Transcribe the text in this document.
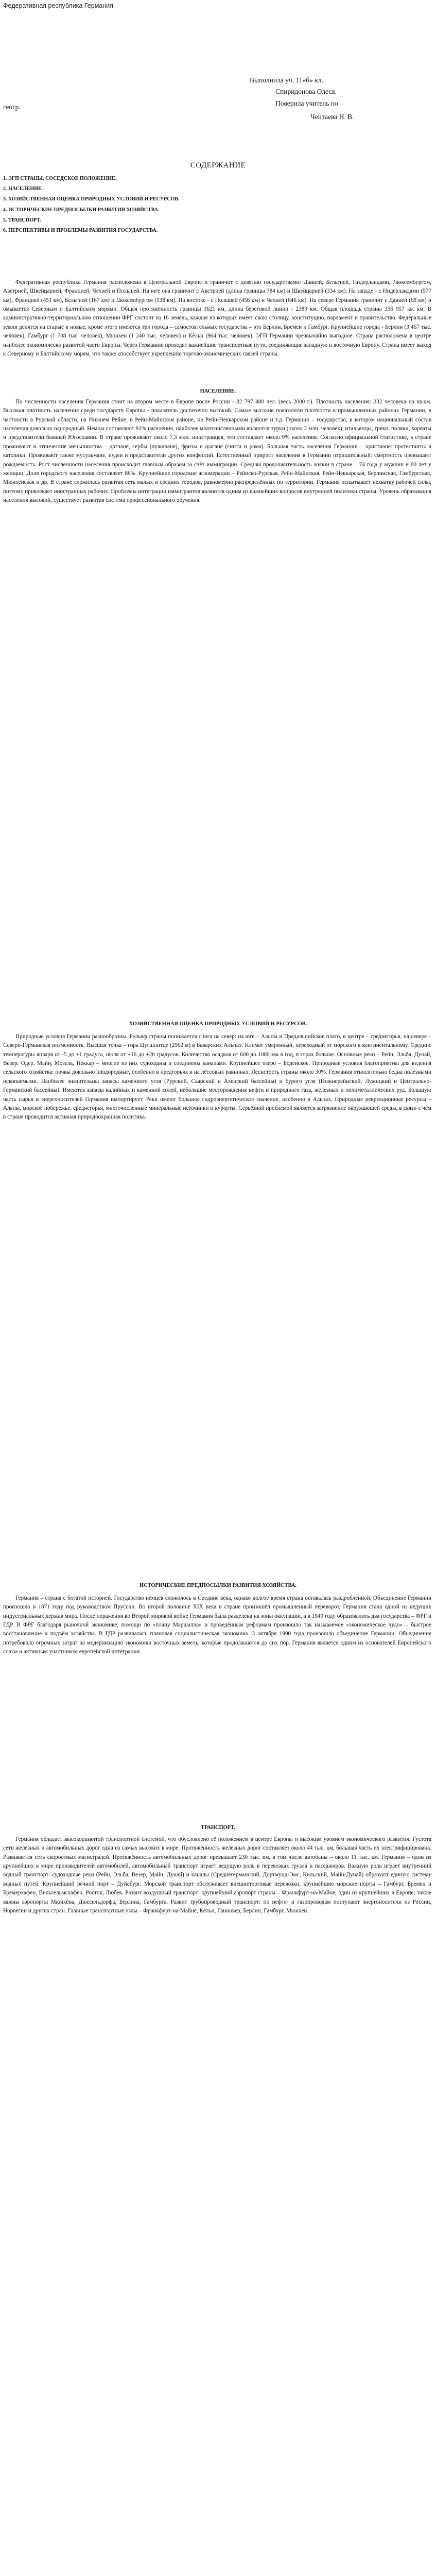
Федеративная республика Германия
Выполнила уч. 11«б» кл.
Спиридонова Олеся.
Поверила учитель по
геогр.
Чентаева Н. В.
СОДЕРЖАНИЕ
1. ЭГП СТРАНЫ, СОСЕДСКОЕ ПОЛОЖЕНИЕ.
2. НАСЕЛЕНИЕ.
3. ХОЗЯЙСТВЕННАЯ ОЦЕНКА ПРИРОДНЫХ УСЛОВИЙ И РЕСУРСОВ.
4. ИСТОРИЧЕСКИЕ ПРЕДПОСЫЛКИ РАЗВИТИЯ ХОЗЯЙСТВА.
5. ТРАНСПОРТ.
6. ПЕРСПЕКТИВЫ И ПРОБЛЕМЫ РАЗВИТИЯ ГОСУДАРСТВА.

Федеративная республика Германия расположена в Центральной Европе и граничит с девятью государствами: Данией, Бельгией, Нидерландами, Люксембургом, Австрией, Швейцарией, Францией, Чехией и Польшей. На юге она граничит с Австрией (длина границы 784 км) и Швейцарией (334 км). На западе - с Нидерландами (577 км), Францией (451 км), Бельгией (167 км) и Люксембургом (138 км). На востоке - с Польшей (456 км) и Чехией (646 км). На севере Германия граничит с Данией (68 км) и омывается Северным и Балтийским морями. Общая протяжённость границы 3621 км, длина береговой линии - 2389 км. Общая площадь страны 356 957 кв. км. В административно-территориальном отношении ФРГ состоит из 16 земель, каждая из которых имеет свою столицу, конституцию, парламент и правительство. Федеральные земли делятся на старые и новые, кроме этого имеются три города – самостоятельных государства – это Берлин, Бремен и Гамбург. Крупнейшие города - Берлин (3 467 тыс. человек), Гамбург (1 708 тыс. человек), Мюнхен (1 240 тыс. человек) и Кёльн (964 тыс. человек). ЭГП Германии чрезвычайно выгодное. Страна расположена в центре наиболее экономически развитой части Европы. Через Германию проходят важнейшие транспортные пути, соединяющие западную и восточную Европу. Страна имеет выход к Северному и Балтийскому морям, что также способствует укреплению торгово-экономических связей страны.

НАСЕЛЕНИЕ.

По численности населения Германия стоит на втором месте в Европе после России - 82 797 400 чел. (весь 2000 г.). Плотность населения: 232 человека на кв.км. Высокая плотность населения среди государств Европы - показатель достаточно высокий. Самые высокие показатели плотности в промышленных районах Германии, в частности в Рурской области, на Нижнем Рейне, в Рейн-Майнском районе, на Рейн-Неккарском районе и т.д. Германия – государство, в котором национальный состав населения довольно однородный. Немцы составляют 91% населения, наиболее многочисленными являются турки (около 2 млн. человек), итальянцы, греки, поляки, хорваты и представители бывшей Югославии. В стране проживают около 7,3 млн. иностранцев, что составляет около 9% населения. Согласно официальной статистике, в стране проживают и этнические меньшинства – датчане, сербы (лужичане), фризы и цыгане (синти и рома). Большая часть населения Германии – христиане: протестанты и католики. Проживают также мусульмане, иудеи и представители других конфессий. Естественный прирост населения в Германии отрицательный: смертность превышает рождаемость. Рост численности населения происходит главным образом за счёт иммиграции. Средняя продолжительность жизни в стране – 74 года у мужчин и 80 лет у женщин. Доля городского населения составляет 86%. Крупнейшие городские агломерации – Рейнско-Рурская, Рейн-Майнская, Рейн-Неккарская, Берлинская, Гамбургская, Мюнхенская и др. В стране сложилась развитая сеть малых и средних городов, равномерно распределённых по территории. Германия испытывает нехватку рабочей силы, поэтому привлекает иностранных рабочих. Проблемы интеграции иммигрантов являются одним из важнейших вопросов внутренней политики страны. Уровень образования населения высокий, существует развитая система профессионального обучения.

ХОЗЯЙСТВЕННАЯ ОЦЕНКА ПРИРОДНЫХ УСЛОВИЙ И РЕСУРСОВ.

Природные условия Германии разнообразны. Рельеф страны понижается с юга на север: на юге – Альпы и Предальпийское плато, в центре – среднегорья, на севере – Северо-Германская низменность. Высшая точка – гора Цугшпитце (2962 м) в Баварских Альпах. Климат умеренный, переходный от морского к континентальному. Средние температуры января от -5 до +1 градуса, июля от +16 до +20 градусов. Количество осадков от 600 до 1000 мм в год, в горах больше. Основные реки – Рейн, Эльба, Дунай, Везер, Одер, Майн, Мозель, Неккар – многие из них судоходны и соединены каналами. Крупнейшее озеро – Боденское. Природные условия благоприятны для ведения сельского хозяйства: почвы довольно плодородные, особенно в предгорьях и на лёссовых равнинах. Лесистость страны около 30%. Германия относительно бедна полезными ископаемыми. Наиболее значительны запасы каменного угля (Рурский, Саарский и Ахенский бассейны) и бурого угля (Нижнерейнский, Лужицкий и Центрально-Германский бассейны). Имеются запасы калийных и каменной солей, небольшие месторождения нефти и природного газа, железных и полиметаллических руд. Большую часть сырья и энергоносителей Германия импортирует. Реки имеют большое гидроэнергетическое значение, особенно в Альпах. Природные рекреационные ресурсы – Альпы, морское побережье, среднегорья, многочисленные минеральные источники и курорты. Серьёзной проблемой является загрязнение окружающей среды, в связи с чем в стране проводится активная природоохранная политика.

ИСТОРИЧЕСКИЕ ПРЕДПОСЫЛКИ РАЗВИТИЯ ХОЗЯЙСТВА.

Германия – страна с богатой историей. Государство немцев сложилось в Средние века, однако долгое время страна оставалась раздробленной. Объединение Германии произошло в 1871 году под руководством Пруссии. Во второй половине XIX века в стране произошёл промышленный переворот, Германия стала одной из ведущих индустриальных держав мира. После поражения во Второй мировой войне Германия была разделена на зоны оккупации, а в 1949 году образовались два государства – ФРГ и ГДР. В ФРГ благодаря рыночной экономике, помощи по «плану Маршалла» и проведённым реформам произошло так называемое «экономическое чудо» – быстрое восстановление и подъём хозяйства. В ГДР развивалась плановая социалистическая экономика. 3 октября 1990 года произошло объединение Германии. Объединение потребовало огромных затрат на модернизацию экономики восточных земель, которые продолжаются до сих пор. Германия является одним из основателей Европейского союза и активным участником европейской интеграции.

ТРАНСПОРТ.

Германия обладает высокоразвитой транспортной системой, что обусловлено её положением в центре Европы и высоким уровнем экономического развития. Густота сети железных и автомобильных дорог одна из самых высоких в мире. Протяжённость железных дорог составляет около 44 тыс. км, большая часть их электрифицирована. Развивается сеть скоростных магистралей. Протяжённость автомобильных дорог превышает 230 тыс. км, в том числе автобаны – около 11 тыс. км. Германия – один из крупнейших в мире производителей автомобилей, автомобильный транспорт играет ведущую роль в перевозках грузов и пассажиров. Важную роль играет внутренний водный транспорт: судоходные реки (Рейн, Эльба, Везер, Майн, Дунай) и каналы (Среднегерманский, Дортмунд-Эмс, Кильский, Майн-Дунай) образуют единую систему водных путей. Крупнейший речной порт – Дуйсбург. Морской транспорт обслуживает внешнеторговые перевозки, крупнейшие морские порты – Гамбург, Бремен и Бремерхафен, Вильгельмсхафен, Росток, Любек. Развит воздушный транспорт: крупнейший аэропорт страны – Франкфурт-на-Майне, один из крупнейших в Европе; также важны аэропорты Мюнхена, Дюссельдорфа, Берлина, Гамбурга. Развит трубопроводный транспорт: по нефте- и газопроводам поступают энергоносители из России, Норвегии и других стран. Главные транспортные узлы – Франкфурт-на-Майне, Кёльн, Ганновер, Берлин, Гамбург, Мюнхен.
